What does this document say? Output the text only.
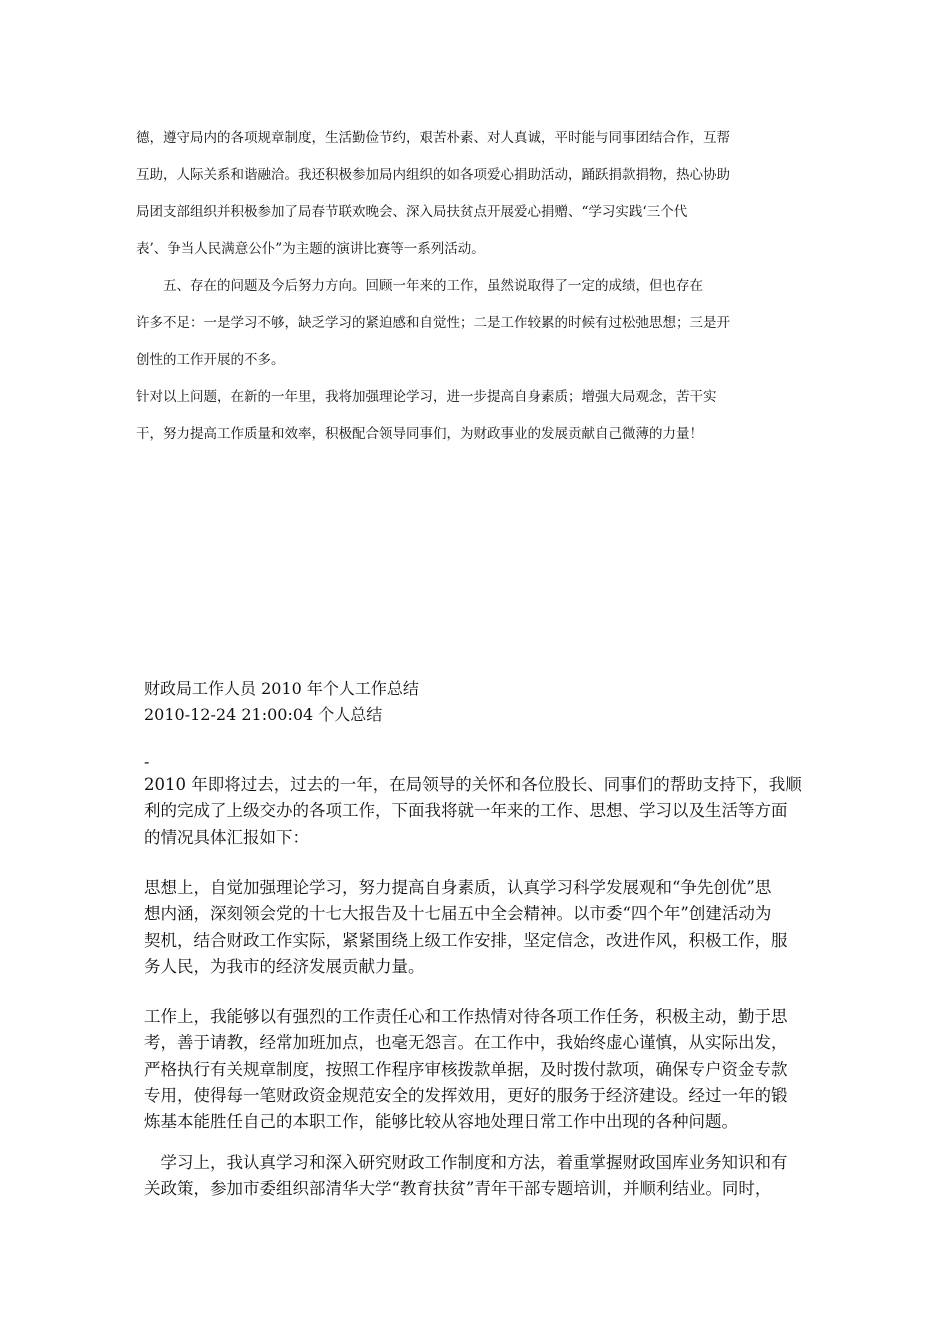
德，遵守局内的各项规章制度，生活勤俭节约，艰苦朴素、对人真诚，平时能与同事团结合作，互帮
互助，人际关系和谐融洽。我还积极参加局内组织的如各项爱心捐助活动，踊跃捐款捐物，热心协助
局团支部组织并积极参加了局春节联欢晚会、深入局扶贫点开展爱心捐赠、“学习实践‘三个代
表’、争当人民满意公仆”为主题的演讲比赛等一系列活动。
　　五、存在的问题及今后努力方向。回顾一年来的工作，虽然说取得了一定的成绩，但也存在
许多不足：一是学习不够，缺乏学习的紧迫感和自觉性；二是工作较累的时候有过松弛思想；三是开
创性的工作开展的不多。
针对以上问题，在新的一年里，我将加强理论学习，进一步提高自身素质；增强大局观念，苦干实
干，努力提高工作质量和效率，积极配合领导同事们，为财政事业的发展贡献自己微薄的力量！
财政局工作人员 2010 年个人工作总结
2010-12-24 21:00:04 个人总结
-
2010 年即将过去，过去的一年，在局领导的关怀和各位股长、同事们的帮助支持下，我顺
利的完成了上级交办的各项工作，下面我将就一年来的工作、思想、学习以及生活等方面
的情况具体汇报如下：
思想上，自觉加强理论学习，努力提高自身素质，认真学习科学发展观和“争先创优”思
想内涵，深刻领会党的十七大报告及十七届五中全会精神。以市委“四个年”创建活动为
契机，结合财政工作实际，紧紧围绕上级工作安排，坚定信念，改进作风，积极工作，服
务人民，为我市的经济发展贡献力量。
工作上，我能够以有强烈的工作责任心和工作热情对待各项工作任务，积极主动，勤于思
考，善于请教，经常加班加点，也毫无怨言。在工作中，我始终虚心谨慎，从实际出发，
严格执行有关规章制度，按照工作程序审核拨款单据，及时拨付款项，确保专户资金专款
专用，使得每一笔财政资金规范安全的发挥效用，更好的服务于经济建设。经过一年的锻
炼基本能胜任自己的本职工作，能够比较从容地处理日常工作中出现的各种问题。
　学习上，我认真学习和深入研究财政工作制度和方法，着重掌握财政国库业务知识和有
关政策，参加市委组织部清华大学“教育扶贫”青年干部专题培训，并顺利结业。同时，
